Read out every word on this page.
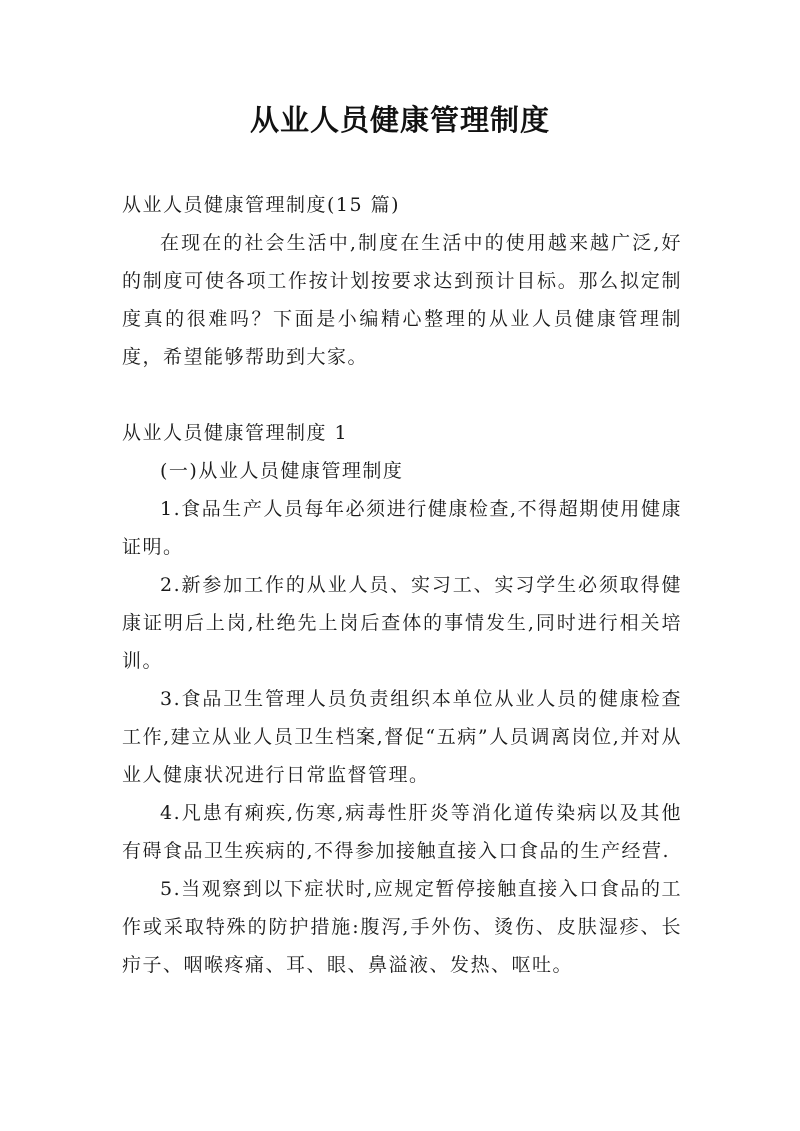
从业人员健康管理制度

从业人员健康管理制度(15 篇)

在现在的社会生活中,制度在生活中的使用越来越广泛,好的制度可使各项工作按计划按要求达到预计目标。那么拟定制度真的很难吗？下面是小编精心整理的从业人员健康管理制度，希望能够帮助到大家。

从业人员健康管理制度 1

(一)从业人员健康管理制度

1.食品生产人员每年必须进行健康检查,不得超期使用健康证明。

2.新参加工作的从业人员、实习工、实习学生必须取得健康证明后上岗,杜绝先上岗后查体的事情发生,同时进行相关培训。

3.食品卫生管理人员负责组织本单位从业人员的健康检查工作,建立从业人员卫生档案,督促“五病”人员调离岗位,并对从业人健康状况进行日常监督管理。

4.凡患有痢疾,伤寒,病毒性肝炎等消化道传染病以及其他有碍食品卫生疾病的,不得参加接触直接入口食品的生产经营.

5.当观察到以下症状时,应规定暂停接触直接入口食品的工作或采取特殊的防护措施:腹泻,手外伤、烫伤、皮肤湿疹、长疖子、咽喉疼痛、耳、眼、鼻溢液、发热、呕吐。
